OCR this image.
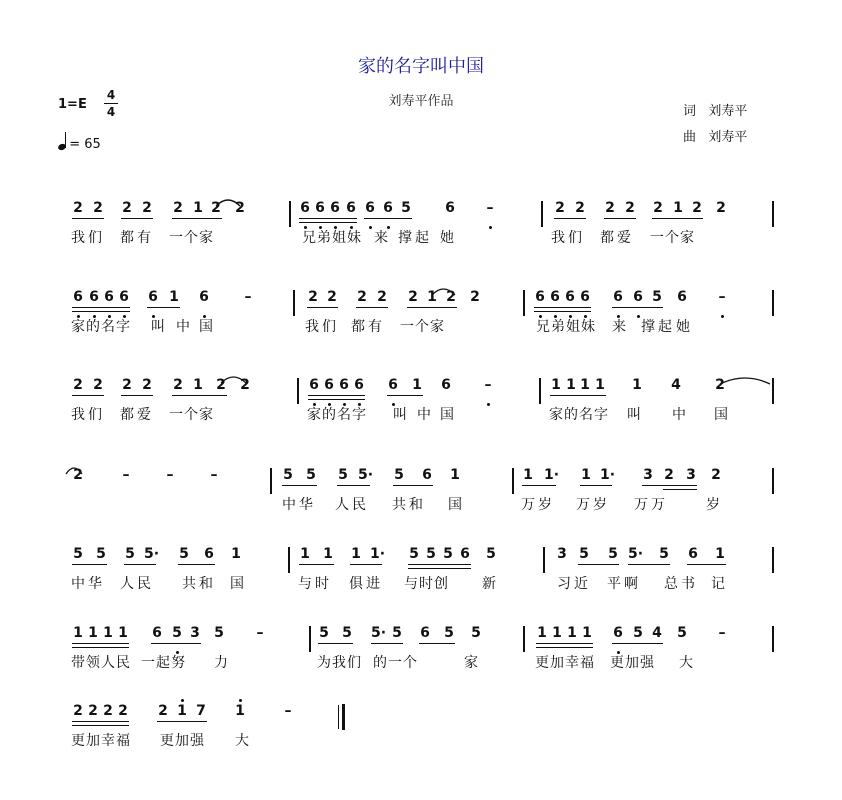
家的名字叫中国
刘寿平作品
1=E
4
4
= 65
词 刘寿平
曲 刘寿平
2 2 2 2 2 1 2 2	6 6 6 6 6 6 5 6 –	2 2 2 2 2 1 2 2
我们 都有 一个家	兄弟姐妹 来 撑起 她	我们 都爱 一个家
6 6 6 6 6 1 6	–	2 2 2 2 2 1 2 2	6 6 6 6 6 6 5 6 –
家的名字 叫 中 国	我们 都有 一个家	兄弟姐妹 来 撑起 她
2 2 2 2 2 1 2 2	6 6 6 6 6 1 6 –	1 1 1 1 1 4 2
我们 都爱 一个家	家的名字 叫 中 国	家的名字 叫 中 国
2	–	–	–	5 5 5 5· 5 6 1	1 1· 1 1· 3 2 3 2
中华 人民 共和 国	万岁 万岁 万万	岁
5 5 5 5· 5 6 1	1 1 1 1· 5 5 5 6 5	3 5 5 5· 5 6 1
中华 人民 共和 国	与时 俱进 与时创 新	习近 平啊 总书 记
1 1 1 1 6 5 3 5 –	5 5 5· 5 6 5 5	1 1 1 1 6 5 4 5 –
带领人民 一起努 力	为我们 的一个	家	更加幸福 更加强 大
2 2 2 2 2 1 7 1	–
更加幸福 更加强 大
